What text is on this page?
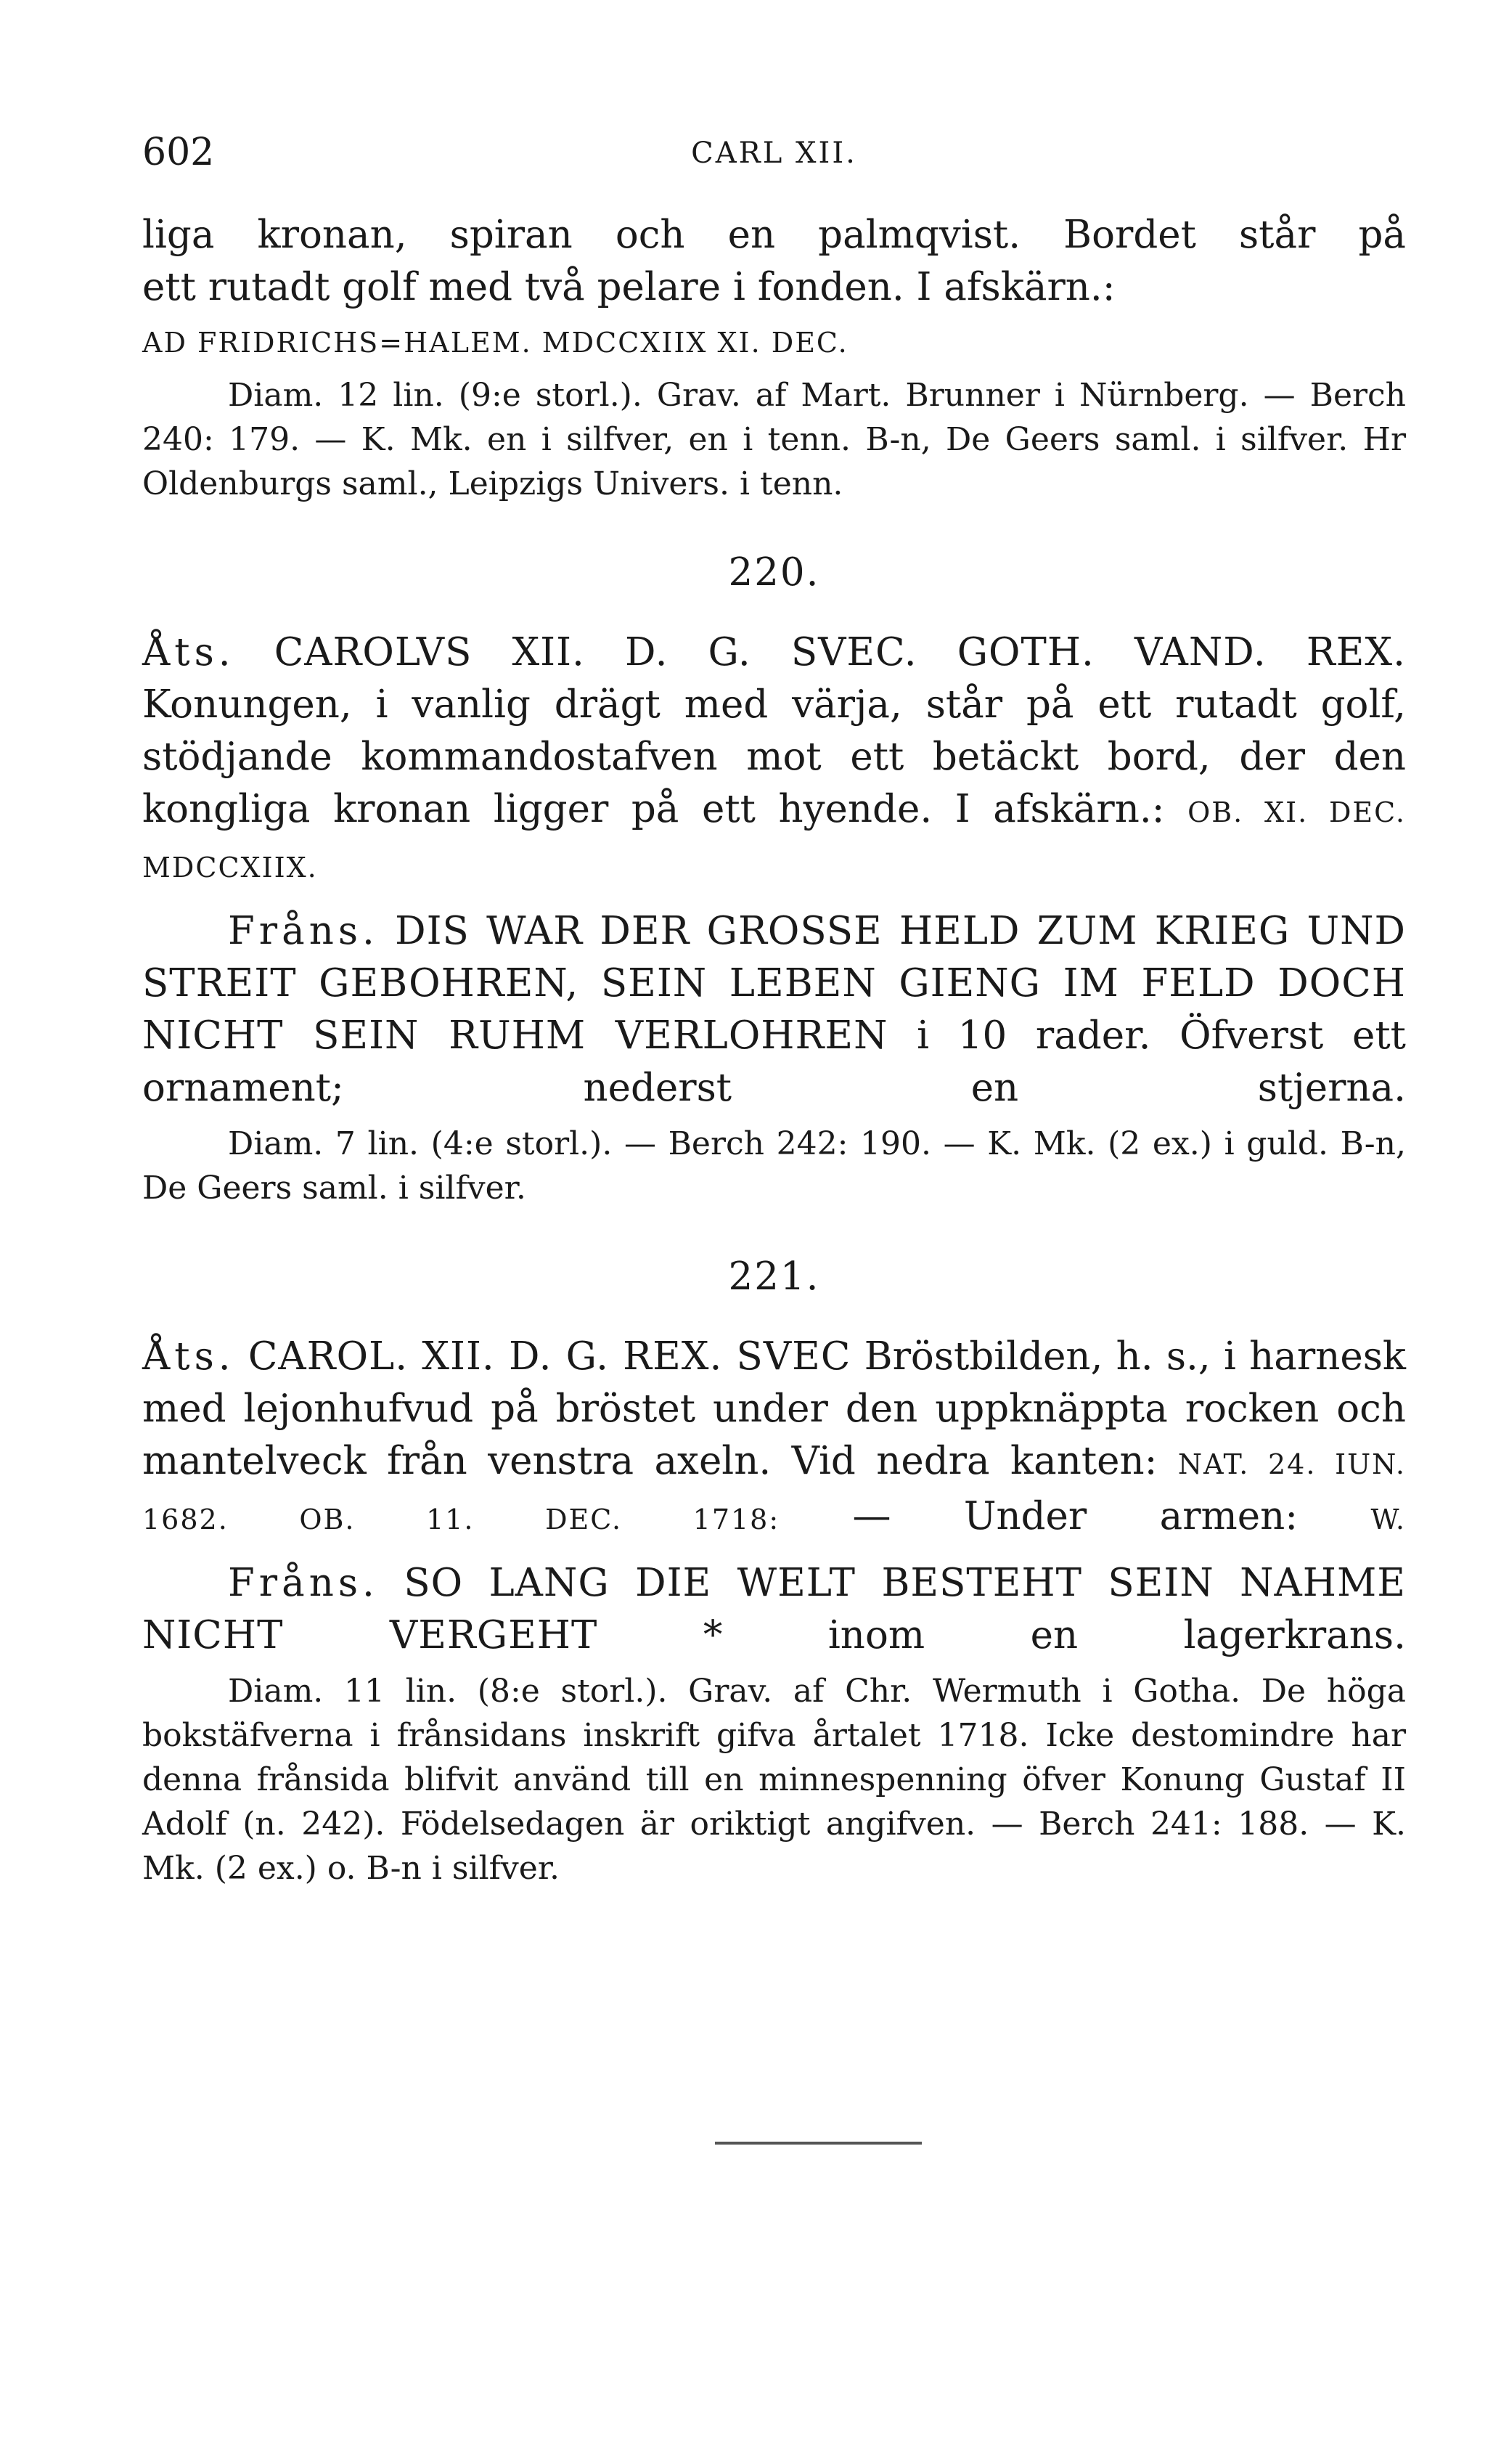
602	CARL XII.

liga kronan, spiran och en palmqvist. Bordet står på

ett rutadt golf med två pelare i fonden. I afskärn.:

AD FRIDRICHS=HALEM. MDCCXIIX XI. DEC.

Diam. 12 lin. (9:e storl.). Grav. af Mart. Brunner i Nürnberg. — Berch 240: 179. — K. Mk. en i silfver, en i tenn. B-n, De Geers saml. i silfver. Hr Oldenburgs saml., Leipzigs Univers. i tenn.

220.

Åts. CAROLVS XII. D. G. SVEC. GOTH. VAND. REX. Konungen, i vanlig drägt med värja, står på ett rutadt golf, stödjande kommandostafven mot ett betäckt bord, der den kongliga kronan ligger på ett hyende. I afskärn.: OB. XI. DEC. MDCCXIIX.

Fråns. DIS WAR DER GROSSE HELD ZUM KRIEG UND STREIT GEBOHREN, SEIN LEBEN GIENG IM FELD DOCH NICHT SEIN RUHM VERLOHREN i 10 rader. Öfverst ett ornament; nederst en stjerna.

Diam. 7 lin. (4:e storl.). — Berch 242: 190. — K. Mk. (2 ex.) i guld. B-n, De Geers saml. i silfver.

221.

Åts. CAROL. XII. D. G. REX. SVEC Bröstbilden, h. s., i harnesk med lejonhufvud på bröstet under den uppknäppta rocken och mantelveck från venstra axeln. Vid nedra kanten: NAT. 24. IUN. 1682. OB. 11. DEC. 1718: — Under armen:	W.

Fråns. SO LANG DIE WELT BESTEHT SEIN NAHME NICHT VERGEHT	*	inom en lagerkrans.

Diam. 11 lin. (8:e storl.). Grav. af Chr. Wermuth i Gotha. De höga bokstäfverna i frånsidans inskrift gifva årtalet 1718. Icke destomindre har denna frånsida blifvit använd till en minnespenning öfver Konung Gustaf II Adolf (n. 242). Födelsedagen är oriktigt angifven. — Berch 241: 188. — K. Mk. (2 ex.) o. B-n i silfver.
